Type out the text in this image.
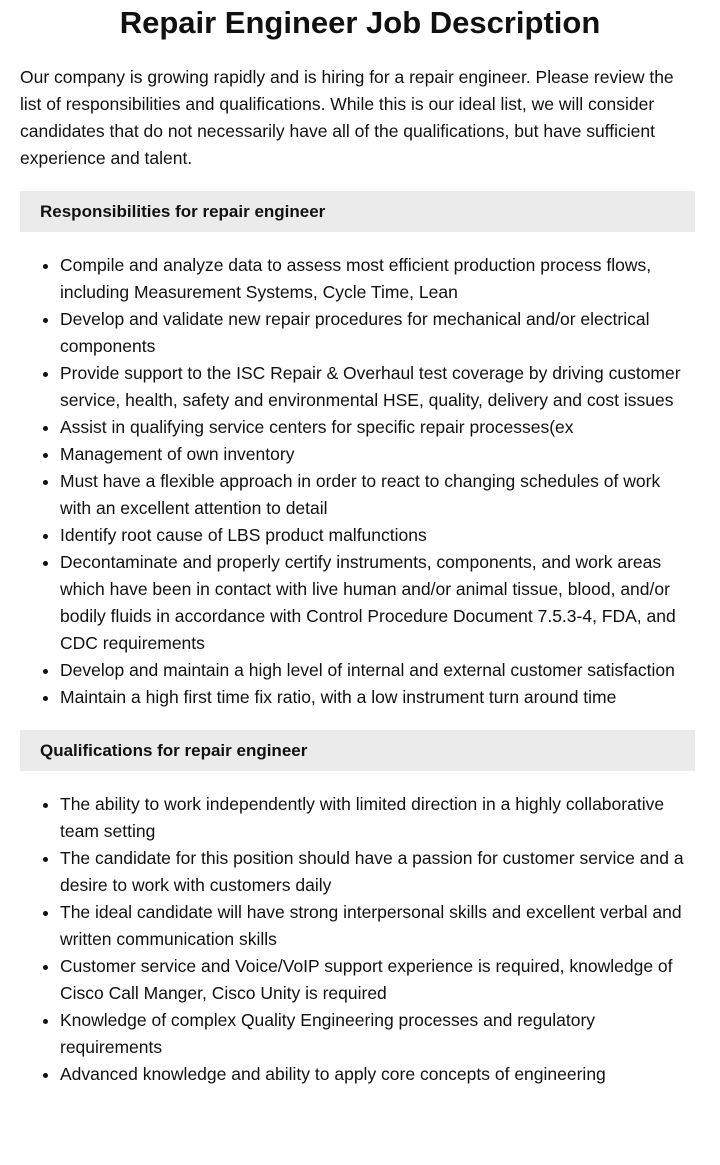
Repair Engineer Job Description

Our company is growing rapidly and is hiring for a repair engineer. Please review the list of responsibilities and qualifications. While this is our ideal list, we will consider candidates that do not necessarily have all of the qualifications, but have sufficient experience and talent.

Responsibilities for repair engineer
• Compile and analyze data to assess most efficient production process flows, including Measurement Systems, Cycle Time, Lean
• Develop and validate new repair procedures for mechanical and/or electrical components
• Provide support to the ISC Repair & Overhaul test coverage by driving customer service, health, safety and environmental HSE, quality, delivery and cost issues
• Assist in qualifying service centers for specific repair processes(ex
• Management of own inventory
• Must have a flexible approach in order to react to changing schedules of work with an excellent attention to detail
• Identify root cause of LBS product malfunctions
• Decontaminate and properly certify instruments, components, and work areas which have been in contact with live human and/or animal tissue, blood, and/or bodily fluids in accordance with Control Procedure Document 7.5.3-4, FDA, and CDC requirements
• Develop and maintain a high level of internal and external customer satisfaction
• Maintain a high first time fix ratio, with a low instrument turn around time
Qualifications for repair engineer
• The ability to work independently with limited direction in a highly collaborative team setting
• The candidate for this position should have a passion for customer service and a desire to work with customers daily
• The ideal candidate will have strong interpersonal skills and excellent verbal and written communication skills
• Customer service and Voice/VoIP support experience is required, knowledge of Cisco Call Manger, Cisco Unity is required
• Knowledge of complex Quality Engineering processes and regulatory requirements
• Advanced knowledge and ability to apply core concepts of engineering
